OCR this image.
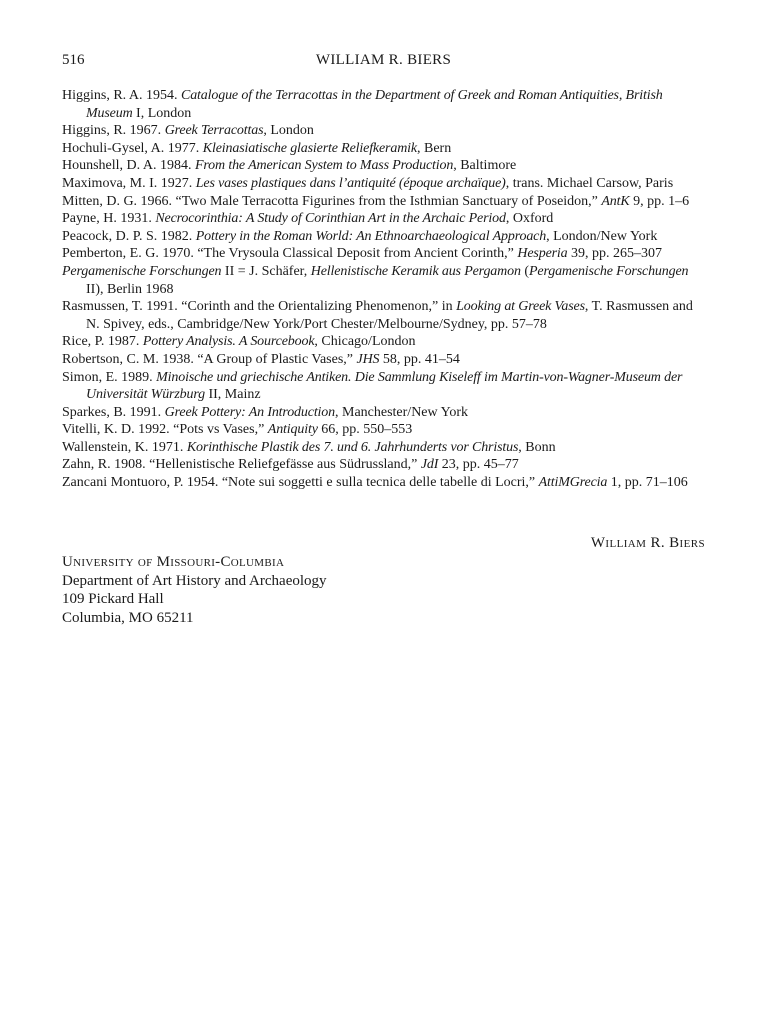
516	WILLIAM R. BIERS
Higgins, R. A. 1954. Catalogue of the Terracottas in the Department of Greek and Roman Antiquities, British Museum I, London
Higgins, R. 1967. Greek Terracottas, London
Hochuli-Gysel, A. 1977. Kleinasiatische glasierte Reliefkeramik, Bern
Hounshell, D. A. 1984. From the American System to Mass Production, Baltimore
Maximova, M. I. 1927. Les vases plastiques dans l’antiquité (époque archaïque), trans. Michael Carsow, Paris
Mitten, D. G. 1966. “Two Male Terracotta Figurines from the Isthmian Sanctuary of Poseidon,” AntK 9, pp. 1–6
Payne, H. 1931. Necrocorinthia: A Study of Corinthian Art in the Archaic Period, Oxford
Peacock, D. P. S. 1982. Pottery in the Roman World: An Ethnoarchaeological Approach, London/New York
Pemberton, E. G. 1970. “The Vrysoula Classical Deposit from Ancient Corinth,” Hesperia 39, pp. 265–307
Pergamenische Forschungen II = J. Schäfer, Hellenistische Keramik aus Pergamon (Pergamenische Forschungen II), Berlin 1968
Rasmussen, T. 1991. “Corinth and the Orientalizing Phenomenon,” in Looking at Greek Vases, T. Rasmussen and N. Spivey, eds., Cambridge/New York/Port Chester/Melbourne/Sydney, pp. 57–78
Rice, P. 1987. Pottery Analysis. A Sourcebook, Chicago/London
Robertson, C. M. 1938. “A Group of Plastic Vases,” JHS 58, pp. 41–54
Simon, E. 1989. Minoische und griechische Antiken. Die Sammlung Kiseleff im Martin-von-Wagner-Museum der Universität Würzburg II, Mainz
Sparkes, B. 1991. Greek Pottery: An Introduction, Manchester/New York
Vitelli, K. D. 1992. “Pots vs Vases,” Antiquity 66, pp. 550–553
Wallenstein, K. 1971. Korinthische Plastik des 7. und 6. Jahrhunderts vor Christus, Bonn
Zahn, R. 1908. “Hellenistische Reliefgefässe aus Südrussland,” JdI 23, pp. 45–77
Zancani Montuoro, P. 1954. “Note sui soggetti e sulla tecnica delle tabelle di Locri,” AttiMGrecia 1, pp. 71–106
William R. Biers
University of Missouri-Columbia
Department of Art History and Archaeology
109 Pickard Hall
Columbia, MO 65211
